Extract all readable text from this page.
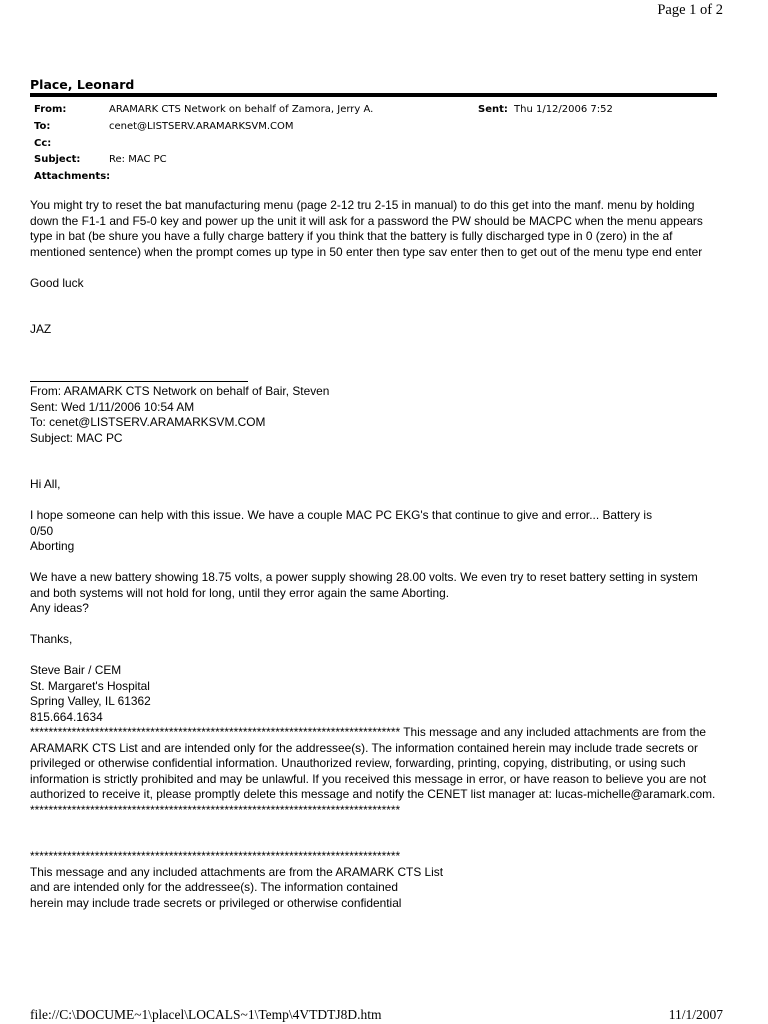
Page 1 of 2
Place, Leonard
From:	ARAMARK CTS Network on behalf of Zamora, Jerry A.	Sent: Thu 1/12/2006 7:52
To:	cenet@LISTSERV.ARAMARKSVM.COM
Cc:
Subject:	Re: MAC PC
Attachments:

You might try to reset the bat manufacturing menu (page 2-12 tru 2-15 in manual) to do this get into the manf. menu by holding down the F1-1 and F5-0 key and power up the unit it will ask for a password the PW should be MACPC when the menu appears type in bat (be shure you have a fully charge battery if you think that the battery is fully discharged type in 0 (zero) in the af mentioned sentence) when the prompt comes up type in 50 enter then type sav enter then to get out of the menu type end enter

Good luck

JAZ

From: ARAMARK CTS Network on behalf of Bair, Steven

Sent: Wed 1/11/2006 10:54 AM

To: cenet@LISTSERV.ARAMARKSVM.COM

Subject: MAC PC

Hi All,

I hope someone can help with this issue. We have a couple MAC PC EKG's that continue to give and error... Battery is

0/50

Aborting

We have a new battery showing 18.75 volts, a power supply showing 28.00 volts. We even try to reset battery setting in system and both systems will not hold for long, until they error again the same Aborting.

Any ideas?

Thanks,

Steve Bair / CEM

St. Margaret's Hospital

Spring Valley, IL 61362

815.664.1634

******************************************************************************** This message and any included attachments are from the ARAMARK CTS List and are intended only for the addressee(s). The information contained herein may include trade secrets or privileged or otherwise confidential information. Unauthorized review, forwarding, printing, copying, distributing, or using such information is strictly prohibited and may be unlawful. If you received this message in error, or have reason to believe you are not authorized to receive it, please promptly delete this message and notify the CENET list manager at: lucas-michelle@aramark.com.

********************************************************************************

********************************************************************************

This message and any included attachments are from the ARAMARK CTS List

and are intended only for the addressee(s). The information contained

herein may include trade secrets or privileged or otherwise confidential

file://C:\DOCUME~1\placel\LOCALS~1\Temp\4VTDTJ8D.htm	11/1/2007
